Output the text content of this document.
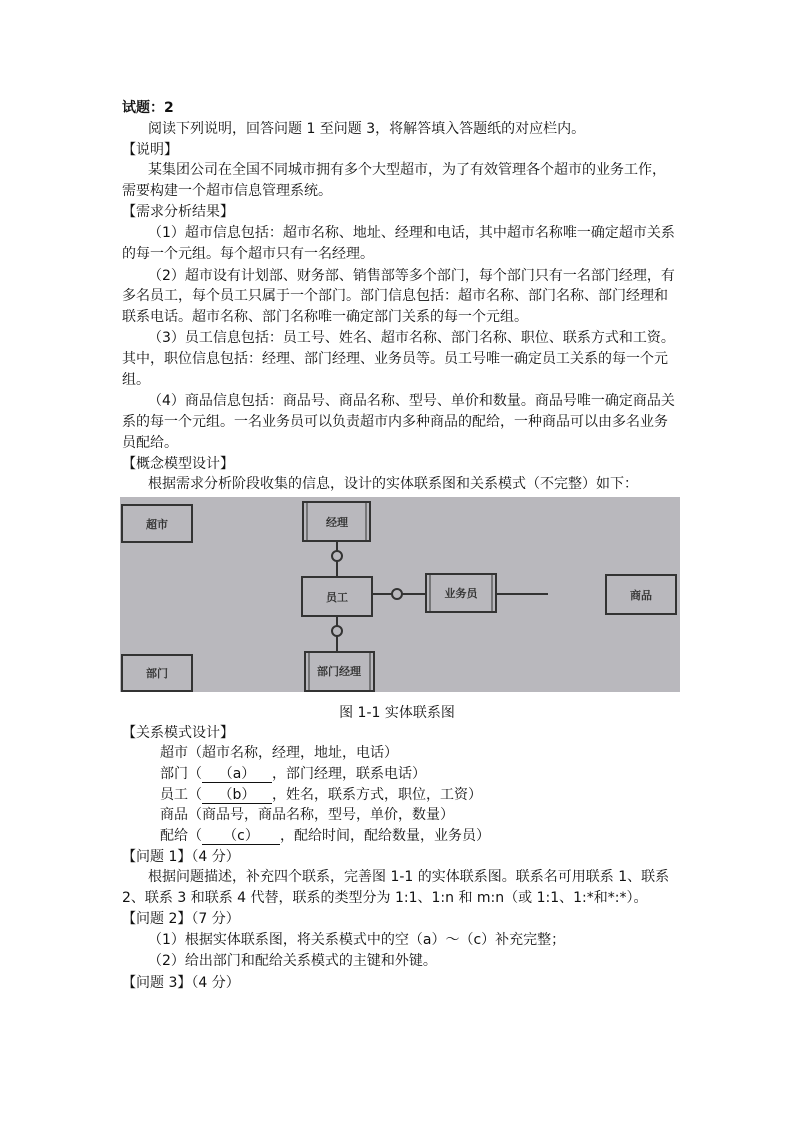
试题：2
阅读下列说明，回答问题 1 至问题 3，将解答填入答题纸的对应栏内。
【说明】
某集团公司在全国不同城市拥有多个大型超市，为了有效管理各个超市的业务工作，
需要构建一个超市信息管理系统。
【需求分析结果】
（1）超市信息包括：超市名称、地址、经理和电话，其中超市名称唯一确定超市关系
的每一个元组。每个超市只有一名经理。
（2）超市设有计划部、财务部、销售部等多个部门，每个部门只有一名部门经理，有
多名员工，每个员工只属于一个部门。部门信息包括：超市名称、部门名称、部门经理和
联系电话。超市名称、部门名称唯一确定部门关系的每一个元组。
（3）员工信息包括：员工号、姓名、超市名称、部门名称、职位、联系方式和工资。
其中，职位信息包括：经理、部门经理、业务员等。员工号唯一确定员工关系的每一个元
组。
（4）商品信息包括：商品号、商品名称、型号、单价和数量。商品号唯一确定商品关
系的每一个元组。一名业务员可以负责超市内多种商品的配给，一种商品可以由多名业务
员配给。
【概念模型设计】
根据需求分析阶段收集的信息，设计的实体联系图和关系模式（不完整）如下：
超市	经理
员工	业务员	商品
部门	部门经理
图 1-1 实体联系图
【关系模式设计】
超市（超市名称，经理，地址，电话）
部门（ （a） ，部门经理，联系电话）
员工（ （b） ，姓名，联系方式，职位，工资）
商品（商品号，商品名称，型号，单价，数量）
配给（ （c） ，配给时间，配给数量，业务员）
【问题 1】（4 分）
根据问题描述，补充四个联系，完善图 1-1 的实体联系图。联系名可用联系 1、联系
2、联系 3 和联系 4 代替，联系的类型分为 1:1、1:n 和 m:n（或 1:1、1:*和*:*）。
【问题 2】（7 分）
（1）根据实体联系图，将关系模式中的空（a）～（c）补充完整；
（2）给出部门和配给关系模式的主键和外键。
【问题 3】（4 分）
